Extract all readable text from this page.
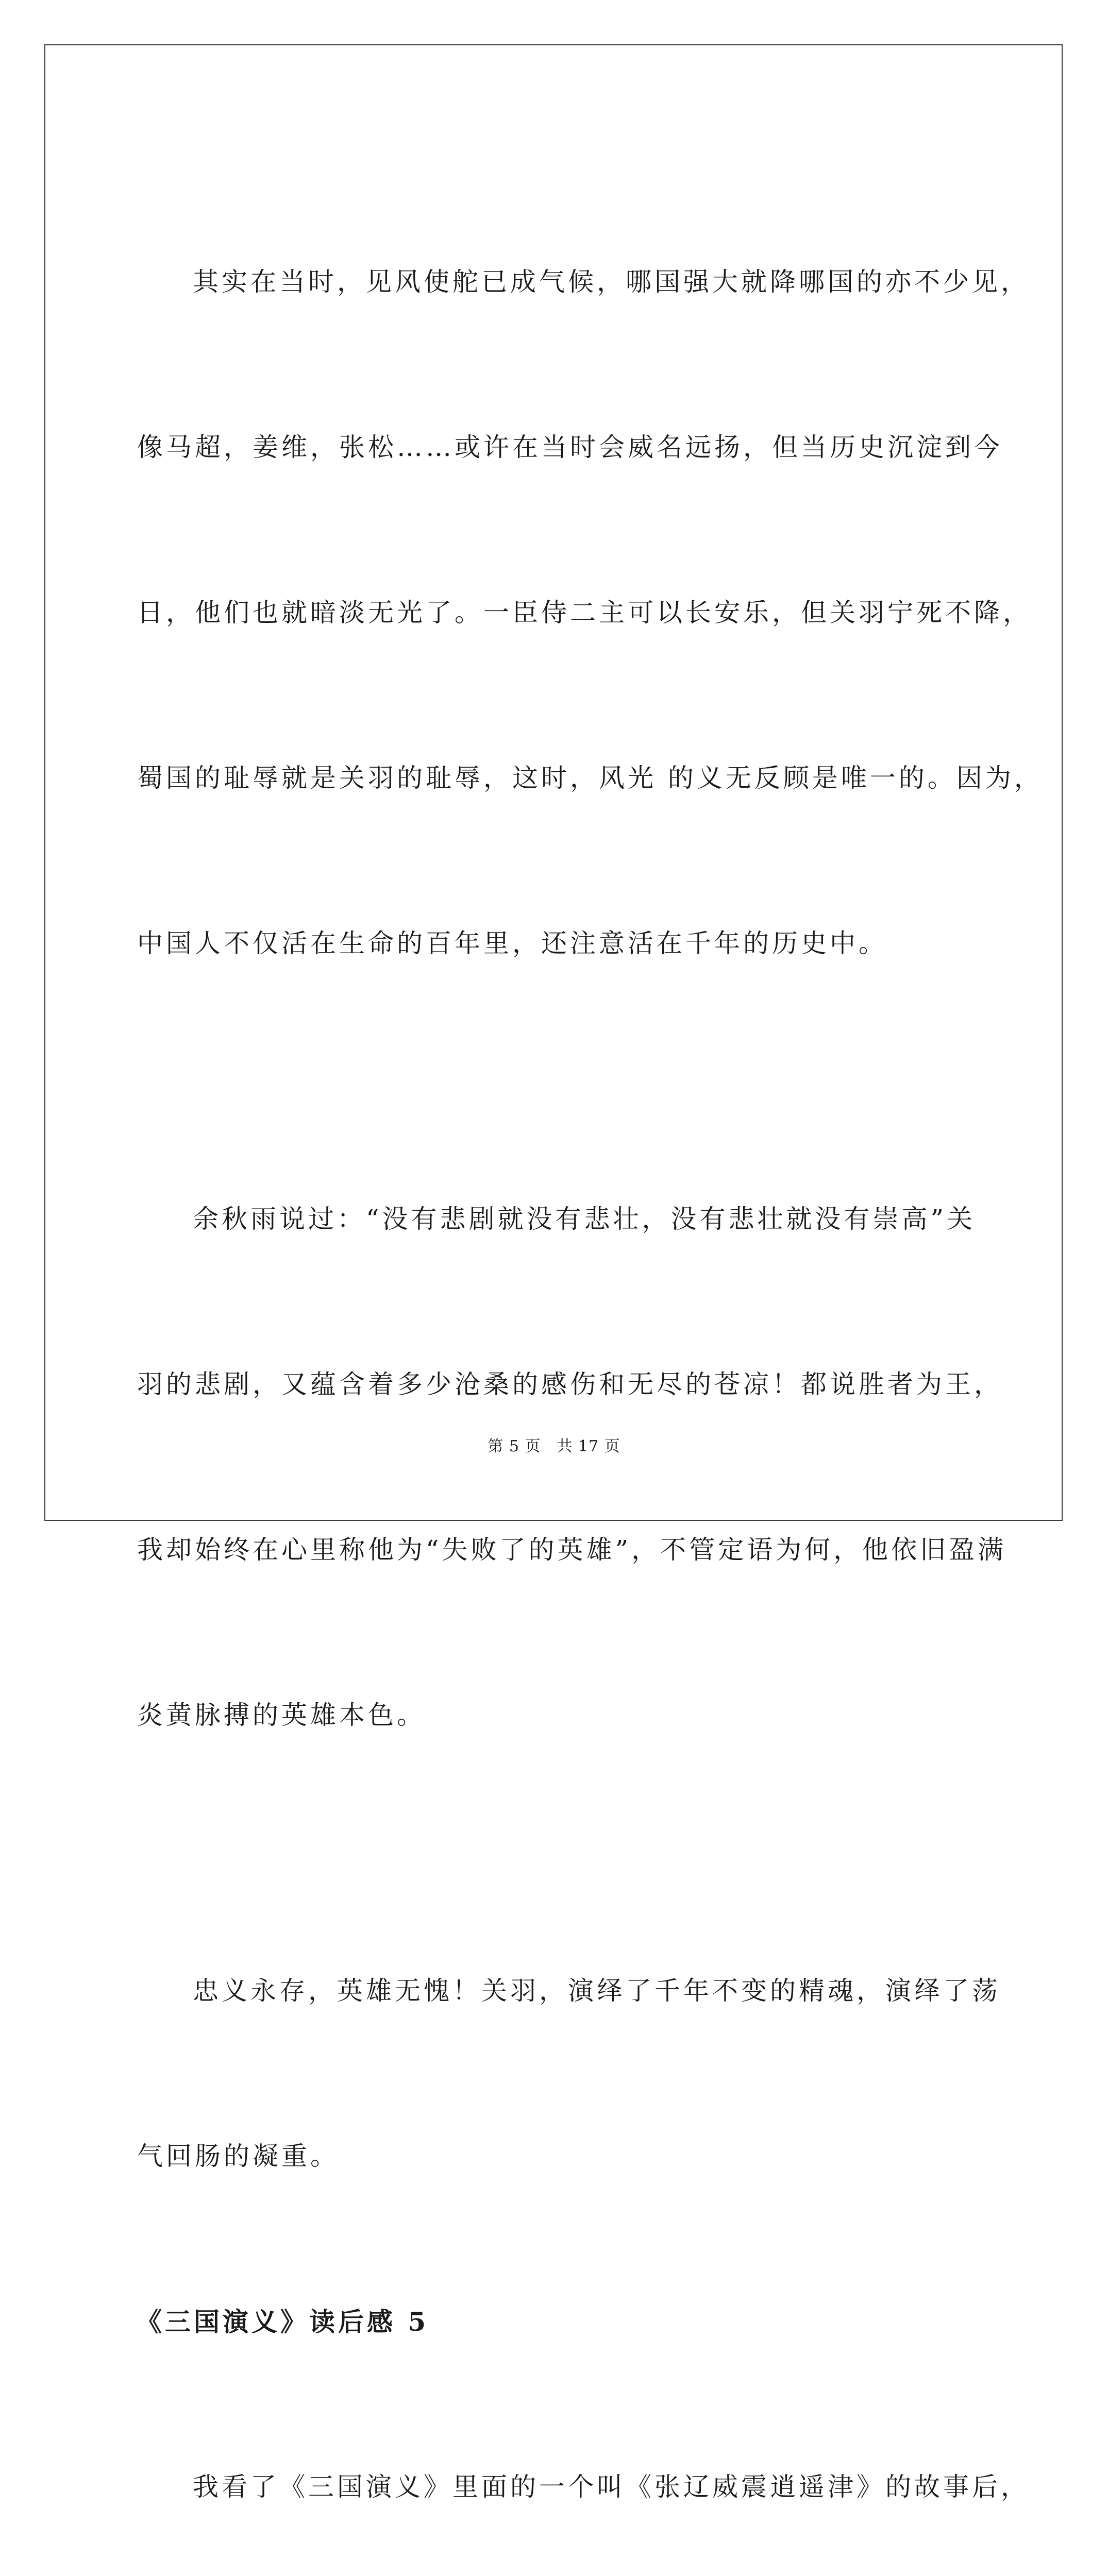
其实在当时，见风使舵已成气候，哪国强大就降哪国的亦不少见，

像马超，姜维，张松……或许在当时会威名远扬，但当历史沉淀到今

日，他们也就暗淡无光了。一臣侍二主可以长安乐，但关羽宁死不降，

蜀国的耻辱就是关羽的耻辱，这时，风光 的义无反顾是唯一的。因为，

中国人不仅活在生命的百年里，还注意活在千年的历史中。

余秋雨说过：“没有悲剧就没有悲壮，没有悲壮就没有崇高”关

羽的悲剧，又蕴含着多少沧桑的感伤和无尽的苍凉！都说胜者为王，

我却始终在心里称他为“失败了的英雄”，不管定语为何，他依旧盈满

炎黄脉搏的英雄本色。

忠义永存，英雄无愧！关羽，演绎了千年不变的精魂，演绎了荡

气回肠的凝重。

《三国演义》读后感 5

我看了《三国演义》里面的一个叫《张辽威震逍遥津》的故事后，

第 5 页　共 17 页
